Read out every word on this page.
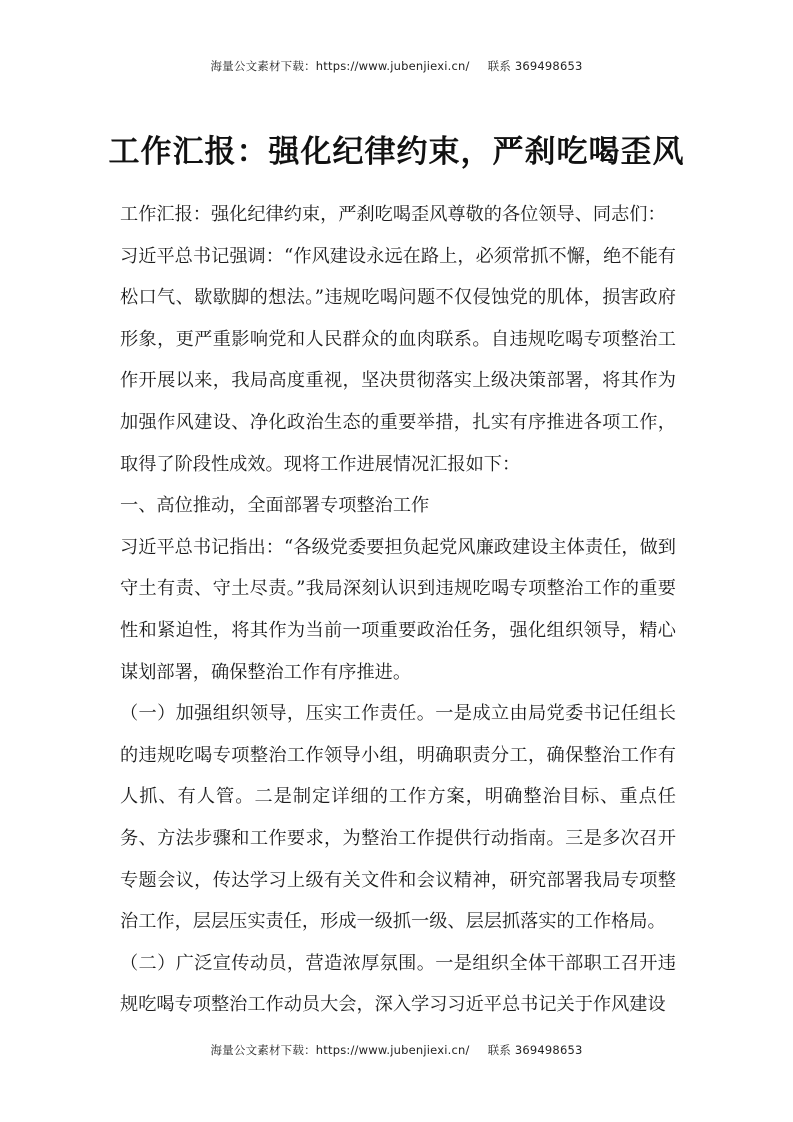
海量公文素材下载：https://www.jubenjiexi.cn/ 联系 369498653
工作汇报：强化纪律约束，严刹吃喝歪风

工作汇报：强化纪律约束，严刹吃喝歪风尊敬的各位领导、同志们：

习近平总书记强调：“作风建设永远在路上，必须常抓不懈，绝不能有松口气、歇歇脚的想法。”违规吃喝问题不仅侵蚀党的肌体，损害政府形象，更严重影响党和人民群众的血肉联系。自违规吃喝专项整治工作开展以来，我局高度重视，坚决贯彻落实上级决策部署，将其作为加强作风建设、净化政治生态的重要举措，扎实有序推进各项工作，取得了阶段性成效。现将工作进展情况汇报如下：

一、高位推动，全面部署专项整治工作

习近平总书记指出：“各级党委要担负起党风廉政建设主体责任，做到守土有责、守土尽责。”我局深刻认识到违规吃喝专项整治工作的重要性和紧迫性，将其作为当前一项重要政治任务，强化组织领导，精心谋划部署，确保整治工作有序推进。

（一）加强组织领导，压实工作责任。一是成立由局党委书记任组长的违规吃喝专项整治工作领导小组，明确职责分工，确保整治工作有人抓、有人管。二是制定详细的工作方案，明确整治目标、重点任务、方法步骤和工作要求，为整治工作提供行动指南。三是多次召开专题会议，传达学习上级有关文件和会议精神，研究部署我局专项整治工作，层层压实责任，形成一级抓一级、层层抓落实的工作格局。

（二）广泛宣传动员，营造浓厚氛围。一是组织全体干部职工召开违规吃喝专项整治工作动员大会，深入学习习近平总书记关于作风建设

海量公文素材下载：https://www.jubenjiexi.cn/ 联系 369498653
